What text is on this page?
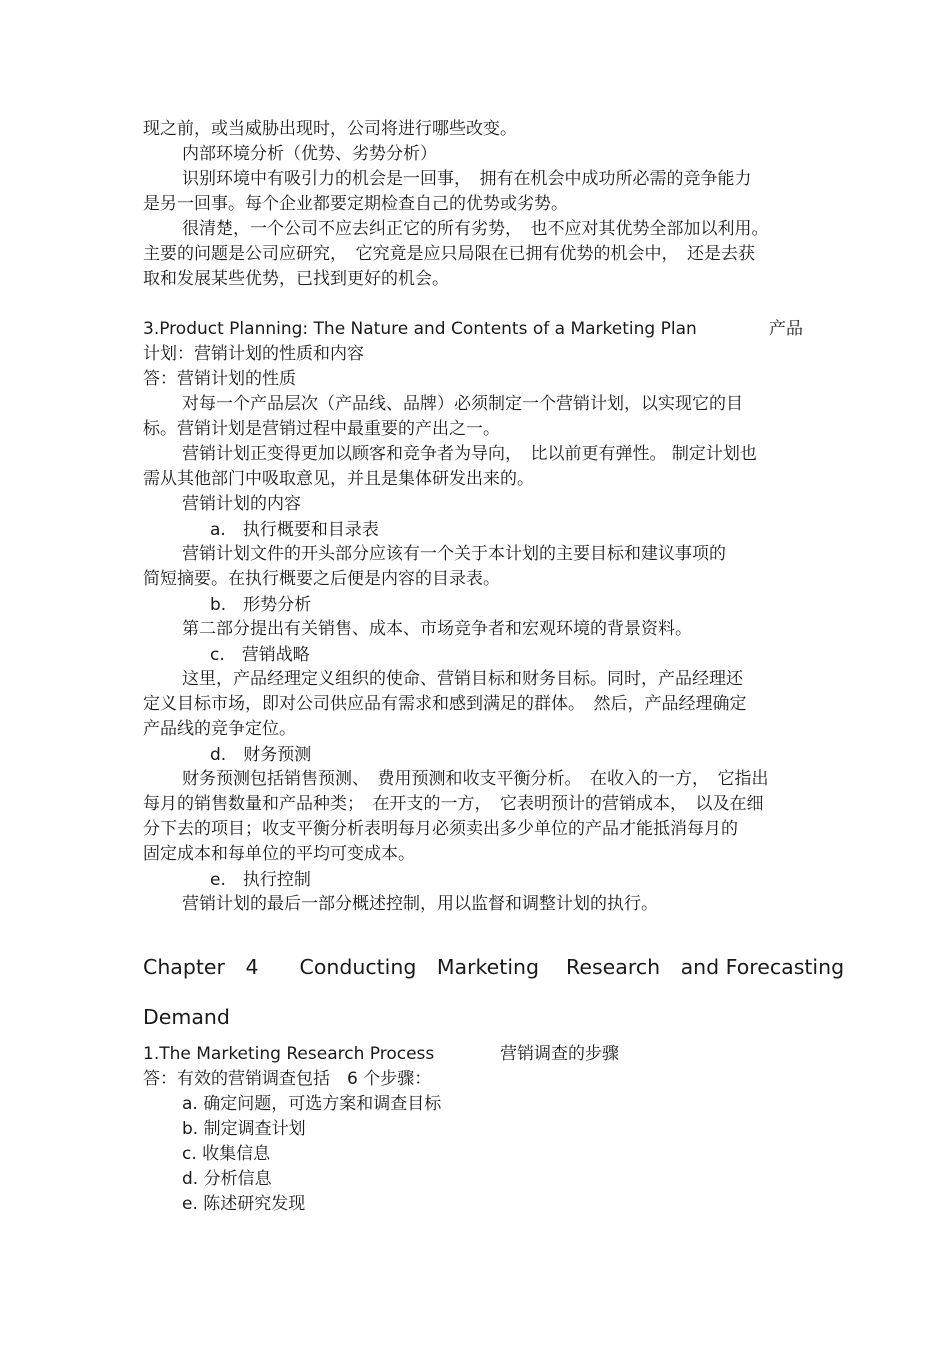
现之前，或当威胁出现时，公司将进行哪些改变。
内部环境分析（优势、劣势分析）
识别环境中有吸引力的机会是一回事，　拥有在机会中成功所必需的竞争能力
是另一回事。每个企业都要定期检查自己的优势或劣势。
很清楚，一个公司不应去纠正它的所有劣势，　也不应对其优势全部加以利用。
主要的问题是公司应研究，　它究竟是应只局限在已拥有优势的机会中，　还是去获
取和发展某些优势，已找到更好的机会。
3.Product Planning: The Nature and Contents of a Marketing Plan	产品
计划：营销计划的性质和内容
答：营销计划的性质
对每一个产品层次（产品线、品牌）必须制定一个营销计划，以实现它的目
标。营销计划是营销过程中最重要的产出之一。
营销计划正变得更加以顾客和竞争者为导向，　比以前更有弹性。 制定计划也
需从其他部门中吸取意见，并且是集体研发出来的。
营销计划的内容
a.　执行概要和目录表
营销计划文件的开头部分应该有一个关于本计划的主要目标和建议事项的
简短摘要。在执行概要之后便是内容的目录表。
b.　形势分析
第二部分提出有关销售、成本、市场竞争者和宏观环境的背景资料。
c.　营销战略
这里，产品经理定义组织的使命、营销目标和财务目标。同时，产品经理还
定义目标市场，即对公司供应品有需求和感到满足的群体。　然后，产品经理确定
产品线的竞争定位。
d.　财务预测
财务预测包括销售预测、　费用预测和收支平衡分析。　在收入的一方，　它指出
每月的销售数量和产品种类；　在开支的一方，　它表明预计的营销成本，　以及在细
分下去的项目；收支平衡分析表明每月必须卖出多少单位的产品才能抵消每月的
固定成本和每单位的平均可变成本。
e.　执行控制
营销计划的最后一部分概述控制，用以监督和调整计划的执行。
Chapter　4　　Conducting　Marketing　 Research　and Forecasting
Demand
1.The Marketing Research Process	营销调查的步骤
答：有效的营销调查包括　6 个步骤：
a. 确定问题，可选方案和调查目标
b. 制定调查计划
c. 收集信息
d. 分析信息
e. 陈述研究发现
